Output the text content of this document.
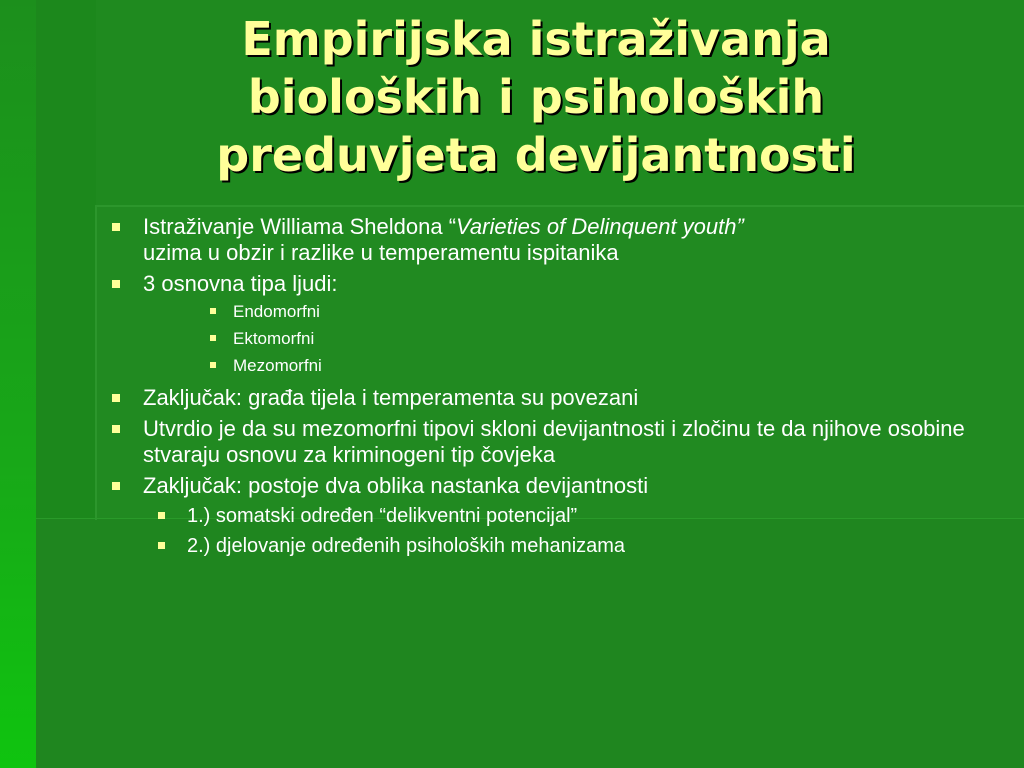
Empirijska istraživanja
bioloških i psiholoških
preduvjeta devijantnosti
Istraživanje Williama Sheldona “Varieties of Delinquent youth”
uzima u obzir i razlike u temperamentu ispitanika
3 osnovna tipa ljudi:
Endomorfni
Ektomorfni
Mezomorfni
Zaključak: građa tijela i temperamenta su povezani
Utvrdio je da su mezomorfni tipovi skloni devijantnosti i zločinu te da njihove osobine stvaraju osnovu za kriminogeni tip čovjeka
Zaključak: postoje dva oblika nastanka devijantnosti
1.) somatski određen “delikventni potencijal”
2.) djelovanje određenih psiholoških mehanizama
